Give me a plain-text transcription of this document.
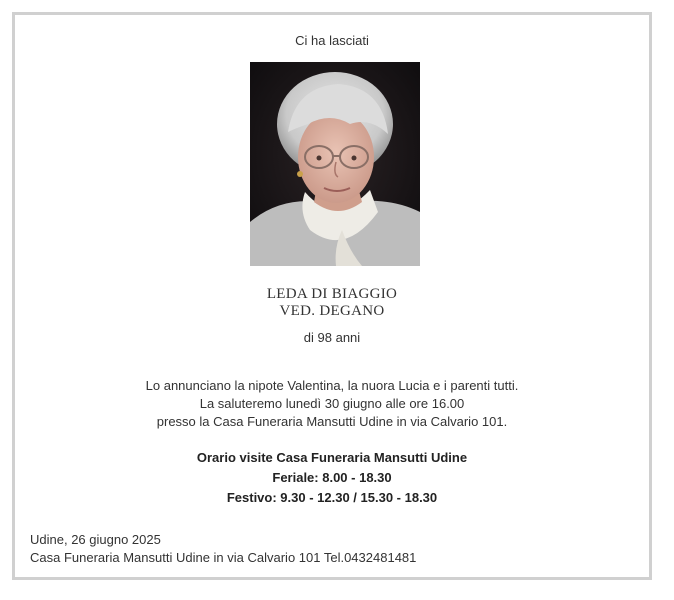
Ci ha lasciati
LEDA DI BIAGGIO
VED. DEGANO
di 98 anni
Lo annunciano la nipote Valentina, la nuora Lucia e i parenti tutti.
La saluteremo lunedì 30 giugno alle ore 16.00
presso la Casa Funeraria Mansutti Udine in via Calvario 101.
Orario visite Casa Funeraria Mansutti Udine
Feriale: 8.00 - 18.30
Festivo: 9.30 - 12.30 / 15.30 - 18.30
Udine, 26 giugno 2025
Casa Funeraria Mansutti Udine in via Calvario 101 Tel.0432481481
